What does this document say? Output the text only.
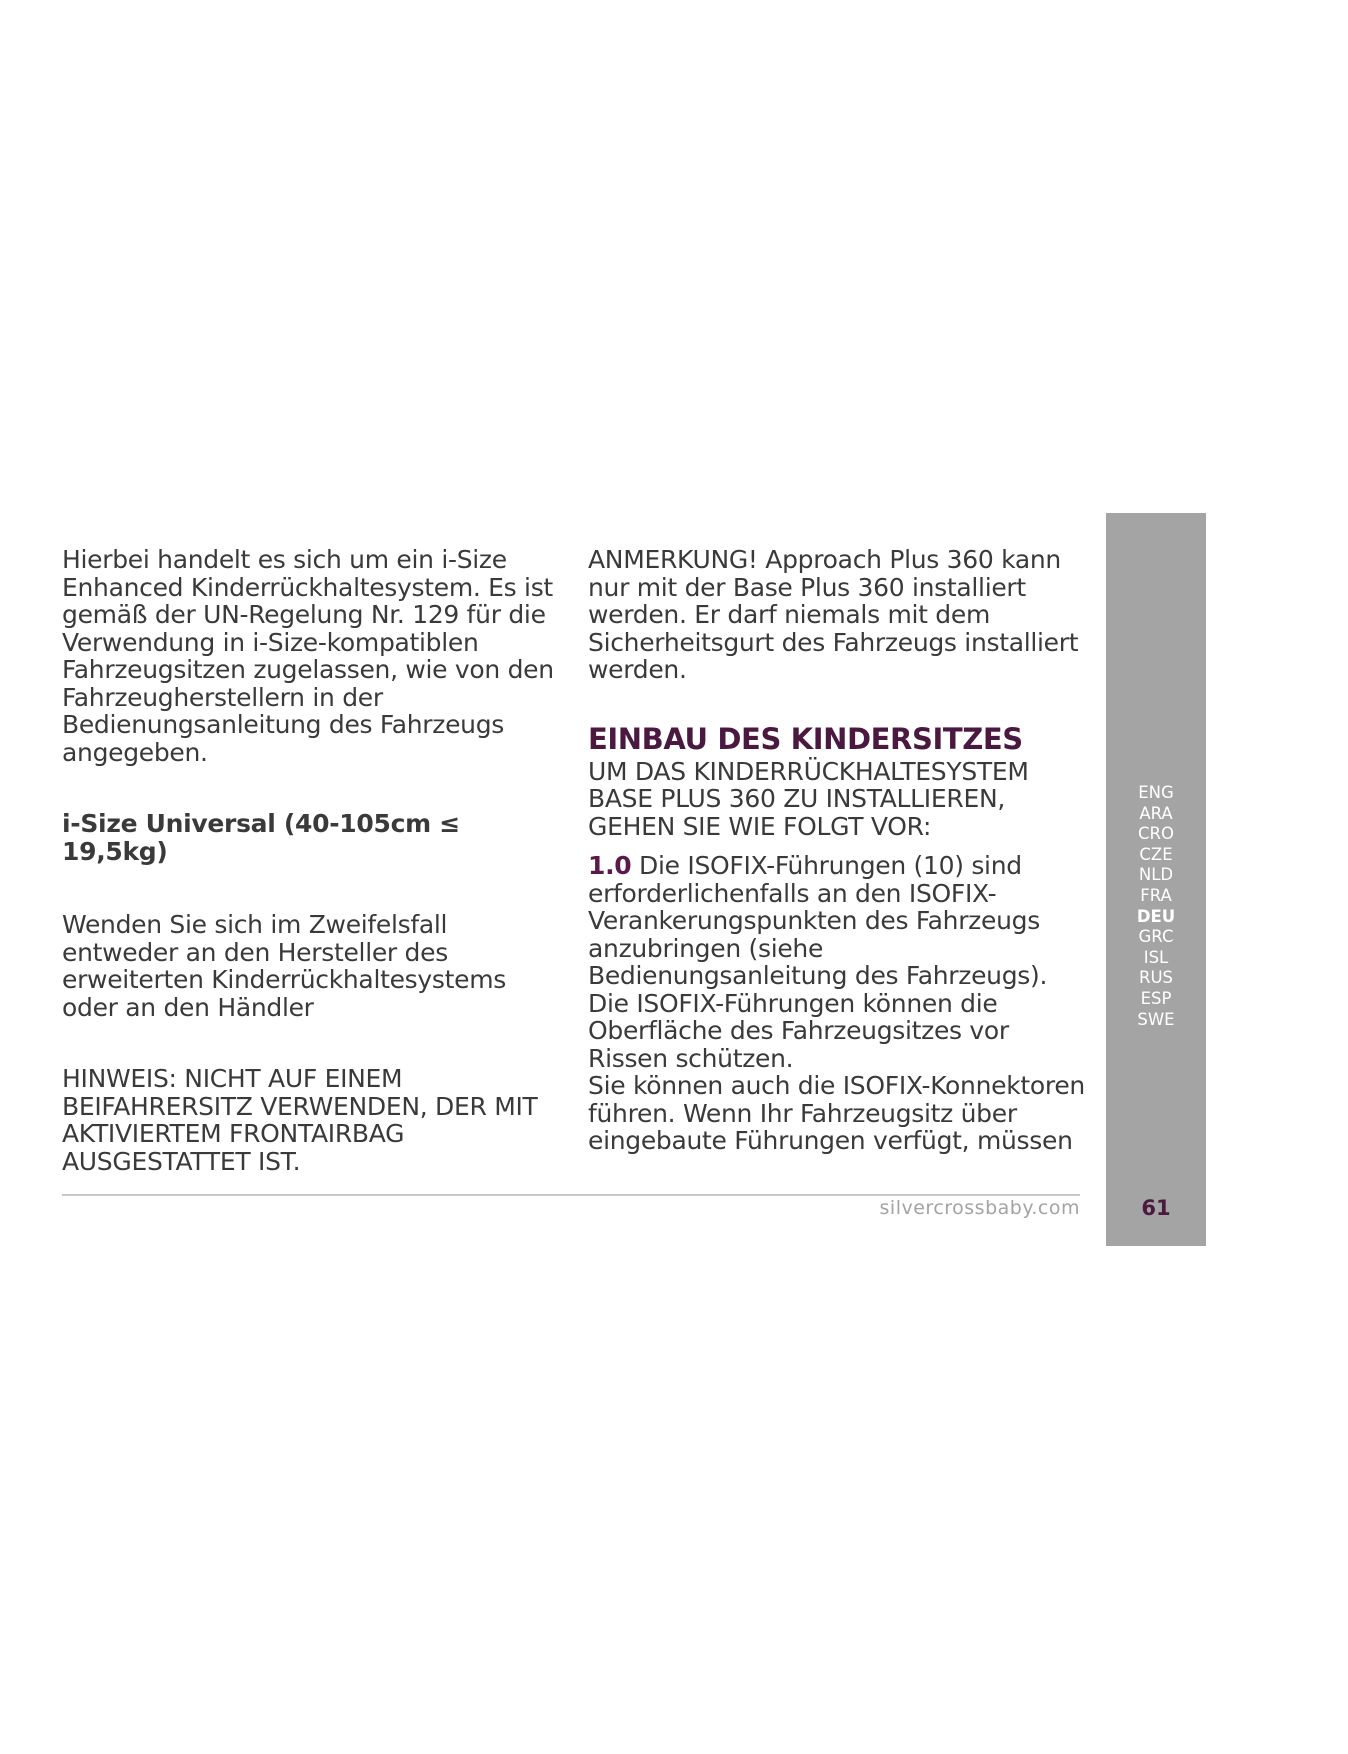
Hierbei handelt es sich um ein i-Size Enhanced Kinderrückhaltesystem. Es ist gemäß der UN-Regelung Nr. 129 für die Verwendung in i-Size-kompatiblen Fahrzeugsitzen zugelassen, wie von den Fahrzeugherstellern in der Bedienungsanleitung des Fahrzeugs angegeben.

i-Size Universal (40-105cm ≤ 19,5kg)

Wenden Sie sich im Zweifelsfall entweder an den Hersteller des erweiterten Kinderrückhaltesystems oder an den Händler

HINWEIS: NICHT AUF EINEM BEIFAHRERSITZ VERWENDEN, DER MIT AKTIVIERTEM FRONTAIRBAG AUSGESTATTET IST.

ANMERKUNG! Approach Plus 360 kann nur mit der Base Plus 360 installiert werden. Er darf niemals mit dem Sicherheitsgurt des Fahrzeugs installiert werden.

EINBAU DES KINDERSITZES

UM DAS KINDERRÜCKHALTESYSTEM BASE PLUS 360 ZU INSTALLIEREN, GEHEN SIE WIE FOLGT VOR:

1.0 Die ISOFIX-Führungen (10) sind erforderlichenfalls an den ISOFIX-Verankerungspunkten des Fahrzeugs anzubringen (siehe Bedienungsanleitung des Fahrzeugs).

Die ISOFIX-Führungen können die Oberfläche des Fahrzeugsitzes vor Rissen schützen.

Sie können auch die ISOFIX-Konnektoren führen. Wenn Ihr Fahrzeugsitz über eingebaute Führungen verfügt, müssen

silvercrossbaby.com
Approach
Plus 360
ENG
ARA
CRO
CZE
NLD
FRA
DEU
GRC
ISL
RUS
ESP
SWE
61
